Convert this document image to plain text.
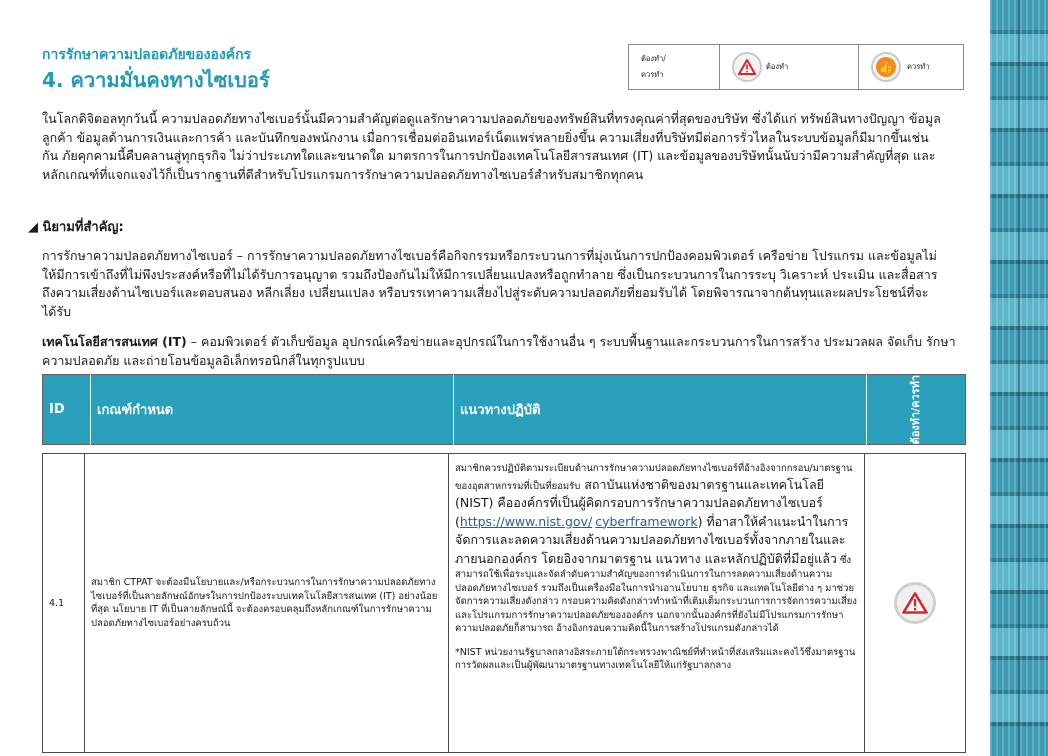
การรักษาความปลอดภัยขององค์กร
4. ความมั่นคงทางไซเบอร์
ต้องทำ/
ควรทำ
ต้องทำ	👍	ควรทำ
ในโลกดิจิตอลทุกวันนี้ ความปลอดภัยทางไซเบอร์นั้นมีความสำคัญต่อดูแลรักษาความปลอดภัยของทรัพย์สินที่ทรงคุณค่าที่สุดของบริษัท ซึ่งได้แก่ ทรัพย์สินทางปัญญา ข้อมูลลูกค้า ข้อมูลด้านการเงินและการค้า และบันทึกของพนักงาน เมื่อการเชื่อมต่ออินเทอร์เน็ตแพร่หลายยิ่งขึ้น ความเสี่ยงที่บริษัทมีต่อการรั่วไหลในระบบข้อมูลก็มีมากขึ้นเช่นกัน ภัยคุกคามนี้คืบคลานสู่ทุกธุรกิจ ไม่ว่าประเภทใดและขนาดใด มาตรการในการปกป้องเทคโนโลยีสารสนเทศ (IT) และข้อมูลของบริษัทนั้นนับว่ามีความสำคัญที่สุด และหลักเกณฑ์ที่แจกแจงไว้ก็เป็นรากฐานที่ดีสำหรับโปรแกรมการรักษาความปลอดภัยทางไซเบอร์สำหรับสมาชิกทุกคน
◢ นิยามที่สำคัญ:
การรักษาความปลอดภัยทางไซเบอร์ – การรักษาความปลอดภัยทางไซเบอร์คือกิจกรรมหรือกระบวนการที่มุ่งเน้นการปกป้องคอมพิวเตอร์ เครือข่าย โปรแกรม และข้อมูลไม่ให้มีการเข้าถึงที่ไม่พึงประสงค์หรือที่ไม่ได้รับการอนุญาต รวมถึงป้องกันไม่ให้มีการเปลี่ยนแปลงหรือถูกทำลาย ซึ่งเป็นกระบวนการในการระบุ วิเคราะห์ ประเมิน และสื่อสารถึงความเสี่ยงด้านไซเบอร์และตอบสนอง หลีกเลี่ยง เปลี่ยนแปลง หรือบรรเทาความเสี่ยงไปสู่ระดับความปลอดภัยที่ยอมรับได้ โดยพิจารณาจากต้นทุนและผลประโยชน์ที่จะได้รับ
เทคโนโลยีสารสนเทศ (IT) – คอมพิวเตอร์ ตัวเก็บข้อมูล อุปกรณ์เครือข่ายและอุปกรณ์ในการใช้งานอื่น ๆ ระบบพื้นฐานและกระบวนการในการสร้าง ประมวลผล จัดเก็บ รักษาความปลอดภัย และถ่ายโอนข้อมูลอิเล็กทรอนิกส์ในทุกรูปแบบ
ID	เกณฑ์กำหนด	แนวทางปฏิบัติ	ต้องทำ/ควรทำ
4.1	สมาชิก CTPAT จะต้องมีนโยบายและ/หรือกระบวนการในการรักษาความปลอดภัยทางไซเบอร์ที่เป็นลายลักษณ์อักษรในการปกป้องระบบเทคโนโลยีสารสนเทศ (IT) อย่างน้อยที่สุด นโยบาย IT ที่เป็นลายลักษณ์นี้ จะต้องครอบคลุมถึงหลักเกณฑ์ในการรักษาความปลอดภัยทางไซเบอร์อย่างครบถ้วน	สมาชิกควรปฏิบัติตามระเบียบด้านการรักษาความปลอดภัยทางไซเบอร์ที่อ้างอิงจากกรอบ/มาตรฐานของอุตสาหกรรมที่เป็นที่ยอมรับ สถาบันแห่งชาติของมาตรฐานและเทคโนโลยี (NIST) คือองค์กรที่เป็นผู้คิดกรอบการรักษาความปลอดภัยทางไซเบอร์ (https://www.nist.gov/ cyberframework) ที่อาสาให้คำแนะนำในการจัดการและลดความเสี่ยงด้านความปลอดภัยทางไซเบอร์ทั้งจากภายในและภายนอกองค์กร โดยอิงจากมาตรฐาน แนวทาง และหลักปฏิบัติที่มีอยู่แล้ว ซึ่งสามารถใช้เพื่อระบุและจัดลำดับความสำคัญของการดำเนินการในการลดความเสี่ยงด้านความปลอดภัยทางไซเบอร์ รวมถึงเป็นเครื่องมือในการนำเอานโยบาย ธุรกิจ และเทคโนโลยีต่าง ๆ มาช่วยจัดการความเสี่ยงดังกล่าว กรอบความคิดดังกล่าวทำหน้าที่เติมเต็มกระบวนการการจัดการความเสี่ยงและโปรแกรมการรักษาความปลอดภัยขององค์กร นอกจากนั้นองค์กรที่ยังไม่มีโปรแกรมการรักษาความปลอดภัยก็สามารถ อ้างอิงกรอบความคิดนี้ในการสร้างโปรแกรมดังกล่าวได้
*NIST หน่วยงานรัฐบาลกลางอิสระภายใต้กระทรวงพาณิชย์ที่ทำหน้าที่ส่งเสริมและคงไว้ซึ่งมาตรฐานการวัดผลและเป็นผู้พัฒนามาตรฐานทางเทคโนโลยีให้แก่รัฐบาลกลาง	
